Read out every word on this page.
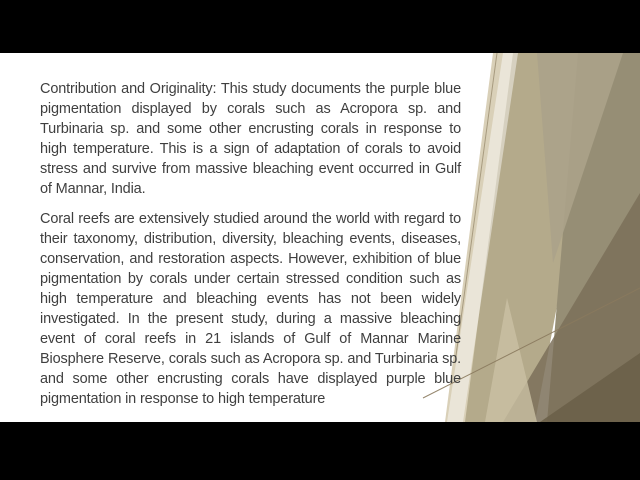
Contribution and Originality: This study documents the purple blue pigmentation displayed by corals such as Acropora sp. and Turbinaria sp. and some other encrusting corals in response to high temperature. This is a sign of adaptation of corals to avoid stress and survive from massive bleaching event occurred in Gulf of Mannar, India.

Coral reefs are extensively studied around the world with regard to their taxonomy, distribution, diversity, bleaching events, diseases, conservation, and restoration aspects. However, exhibition of blue pigmentation by corals under certain stressed condition such as high temperature and bleaching events has not been widely investigated. In the present study, during a massive bleaching event of coral reefs in 21 islands of Gulf of Mannar Marine Biosphere Reserve, corals such as Acropora sp. and Turbinaria sp. and some other encrusting corals have displayed purple blue pigmentation in response to high temperature
